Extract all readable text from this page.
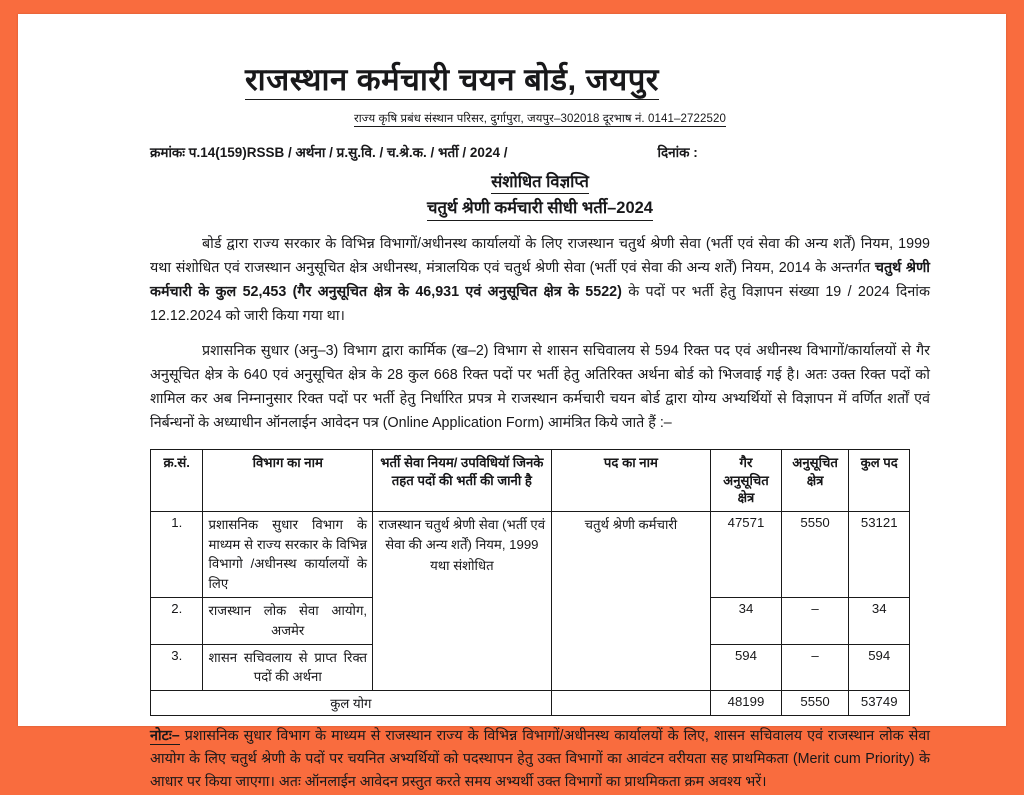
राजस्थान कर्मचारी चयन बोर्ड, जयपुर
राज्य कृषि प्रबंध संस्थान परिसर, दुर्गापुरा, जयपुर–302018 दूरभाष नं. 0141–2722520
क्रमांकः प.14(159)RSSB / अर्थना / प्र.सु.वि. / च.श्रे.क. / भर्ती / 2024 /	दिनांक :
संशोधित विज्ञप्ति
चतुर्थ श्रेणी कर्मचारी सीधी भर्ती–2024
बोर्ड द्वारा राज्य सरकार के विभिन्न विभागों/अधीनस्थ कार्यालयों के लिए राजस्थान चतुर्थ श्रेणी सेवा (भर्ती एवं सेवा की अन्य शर्तें) नियम, 1999 यथा संशोधित एवं राजस्थान अनुसूचित क्षेत्र अधीनस्थ, मंत्रालयिक एवं चतुर्थ श्रेणी सेवा (भर्ती एवं सेवा की अन्य शर्तें) नियम, 2014 के अन्तर्गत चतुर्थ श्रेणी कर्मचारी के कुल 52,453 (गैर अनुसूचित क्षेत्र के 46,931 एवं अनुसूचित क्षेत्र के 5522) के पदों पर भर्ती हेतु विज्ञापन संख्या 19 / 2024 दिनांक 12.12.2024 को जारी किया गया था।
प्रशासनिक सुधार (अनु–3) विभाग द्वारा कार्मिक (ख–2) विभाग से शासन सचिवालय से 594 रिक्त पद एवं अधीनस्थ विभागों/कार्यालयों से गैर अनुसूचित क्षेत्र के 640 एवं अनुसूचित क्षेत्र के 28 कुल 668 रिक्त पदों पर भर्ती हेतु अतिरिक्त अर्थना बोर्ड को भिजवाई गई है। अतः उक्त रिक्त पदों को शामिल कर अब निम्नानुसार रिक्त पदों पर भर्ती हेतु निर्धारित प्रपत्र मे राजस्थान कर्मचारी चयन बोर्ड द्वारा योग्य अभ्यर्थियों से विज्ञापन में वर्णित शर्तों एवं निर्बन्धनों के अध्याधीन ऑनलाईन आवेदन पत्र (Online Application Form) आमंत्रित किये जाते हैं :–
क्र.सं.	विभाग का नाम	भर्ती सेवा नियम/ उपविधियॉ जिनके तहत पदों की भर्ती की जानी है	पद का नाम	गैर अनुसूचित क्षेत्र	अनुसूचित क्षेत्र	कुल पद
1.	प्रशासनिक सुधार विभाग के माध्यम से राज्य सरकार के विभिन्न विभागो /अधीनस्थ कार्यालयों के लिए	राजस्थान चतुर्थ श्रेणी सेवा (भर्ती एवं सेवा की अन्य शर्तें) नियम, 1999 यथा संशोधित	चतुर्थ श्रेणी कर्मचारी	47571	5550	53121
2.	राजस्थान लोक सेवा आयोग, अजमेर			34	–	34
3.	शासन सचिवलाय से प्राप्त रिक्त पदों की अर्थना			594	–	594
कुल योग				48199	5550	53749
नोटः– प्रशासनिक सुधार विभाग के माध्यम से राजस्थान राज्य के विभिन्न विभागों/अधीनस्थ कार्यालयों के लिए, शासन सचिवालय एवं राजस्थान लोक सेवा आयोग के लिए चतुर्थ श्रेणी के पदों पर चयनित अभ्यर्थियों को पदस्थापन हेतु उक्त विभागों का आवंटन वरीयता सह प्राथमिकता (Merit cum Priority) के आधार पर किया जाएगा। अतः ऑनलाईन आवेदन प्रस्तुत करते समय अभ्यर्थी उक्त विभागों का प्राथमिकता क्रम अवश्य भरें।
